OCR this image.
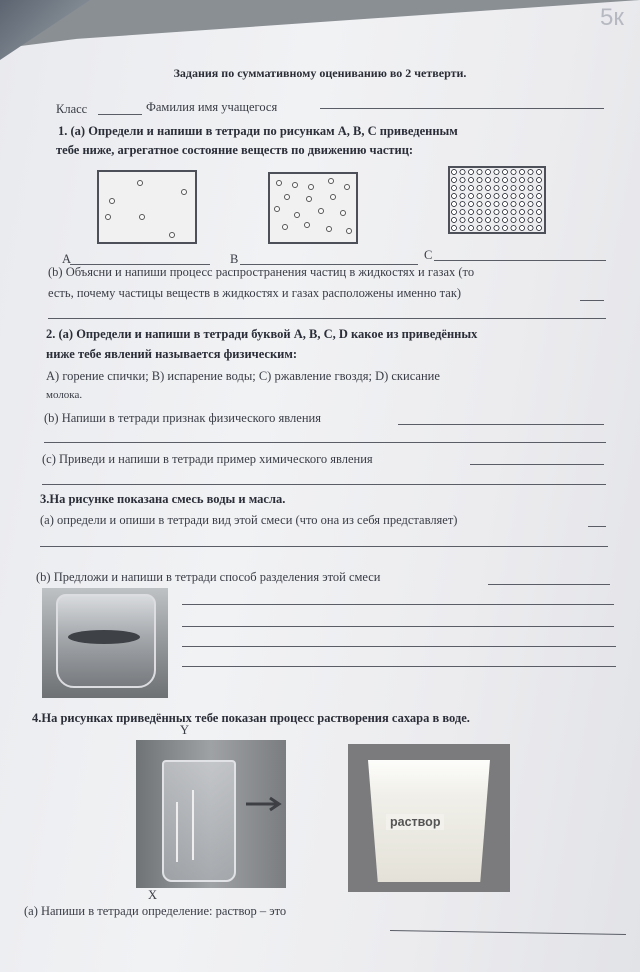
5к
Задания по суммативному оцениванию во 2 четверти.
Класс	Фамилия имя учащегося
1. (а) Определи и напиши в тетради по рисункам А, В, С приведенным
тебе ниже, агрегатное состояние веществ по движению частиц:
А	В	С
(b) Объясни и напиши процесс распространения частиц в жидкостях и газах (то
есть, почему частицы веществ в жидкостях и газах расположены именно так)
2. (а) Определи и напиши в тетради буквой А, В, С, D какое из приведённых
ниже тебе явлений называется физическим:
А) горение спички; В) испарение воды; С) ржавление гвоздя; D) скисание
молока.
(b) Напиши в тетради признак физического явления
(с) Приведи и напиши в тетради пример химического явления
3.На рисунке показана смесь воды и масла.
(а) определи и опиши в тетради вид этой смеси (что она из себя представляет)
(b) Предложи и напиши в тетради способ разделения этой смеси
4.На рисунках приведённых тебе показан процесс растворения сахара в воде.
Y
раствор
X
(а) Напиши в тетради определение: раствор – это
